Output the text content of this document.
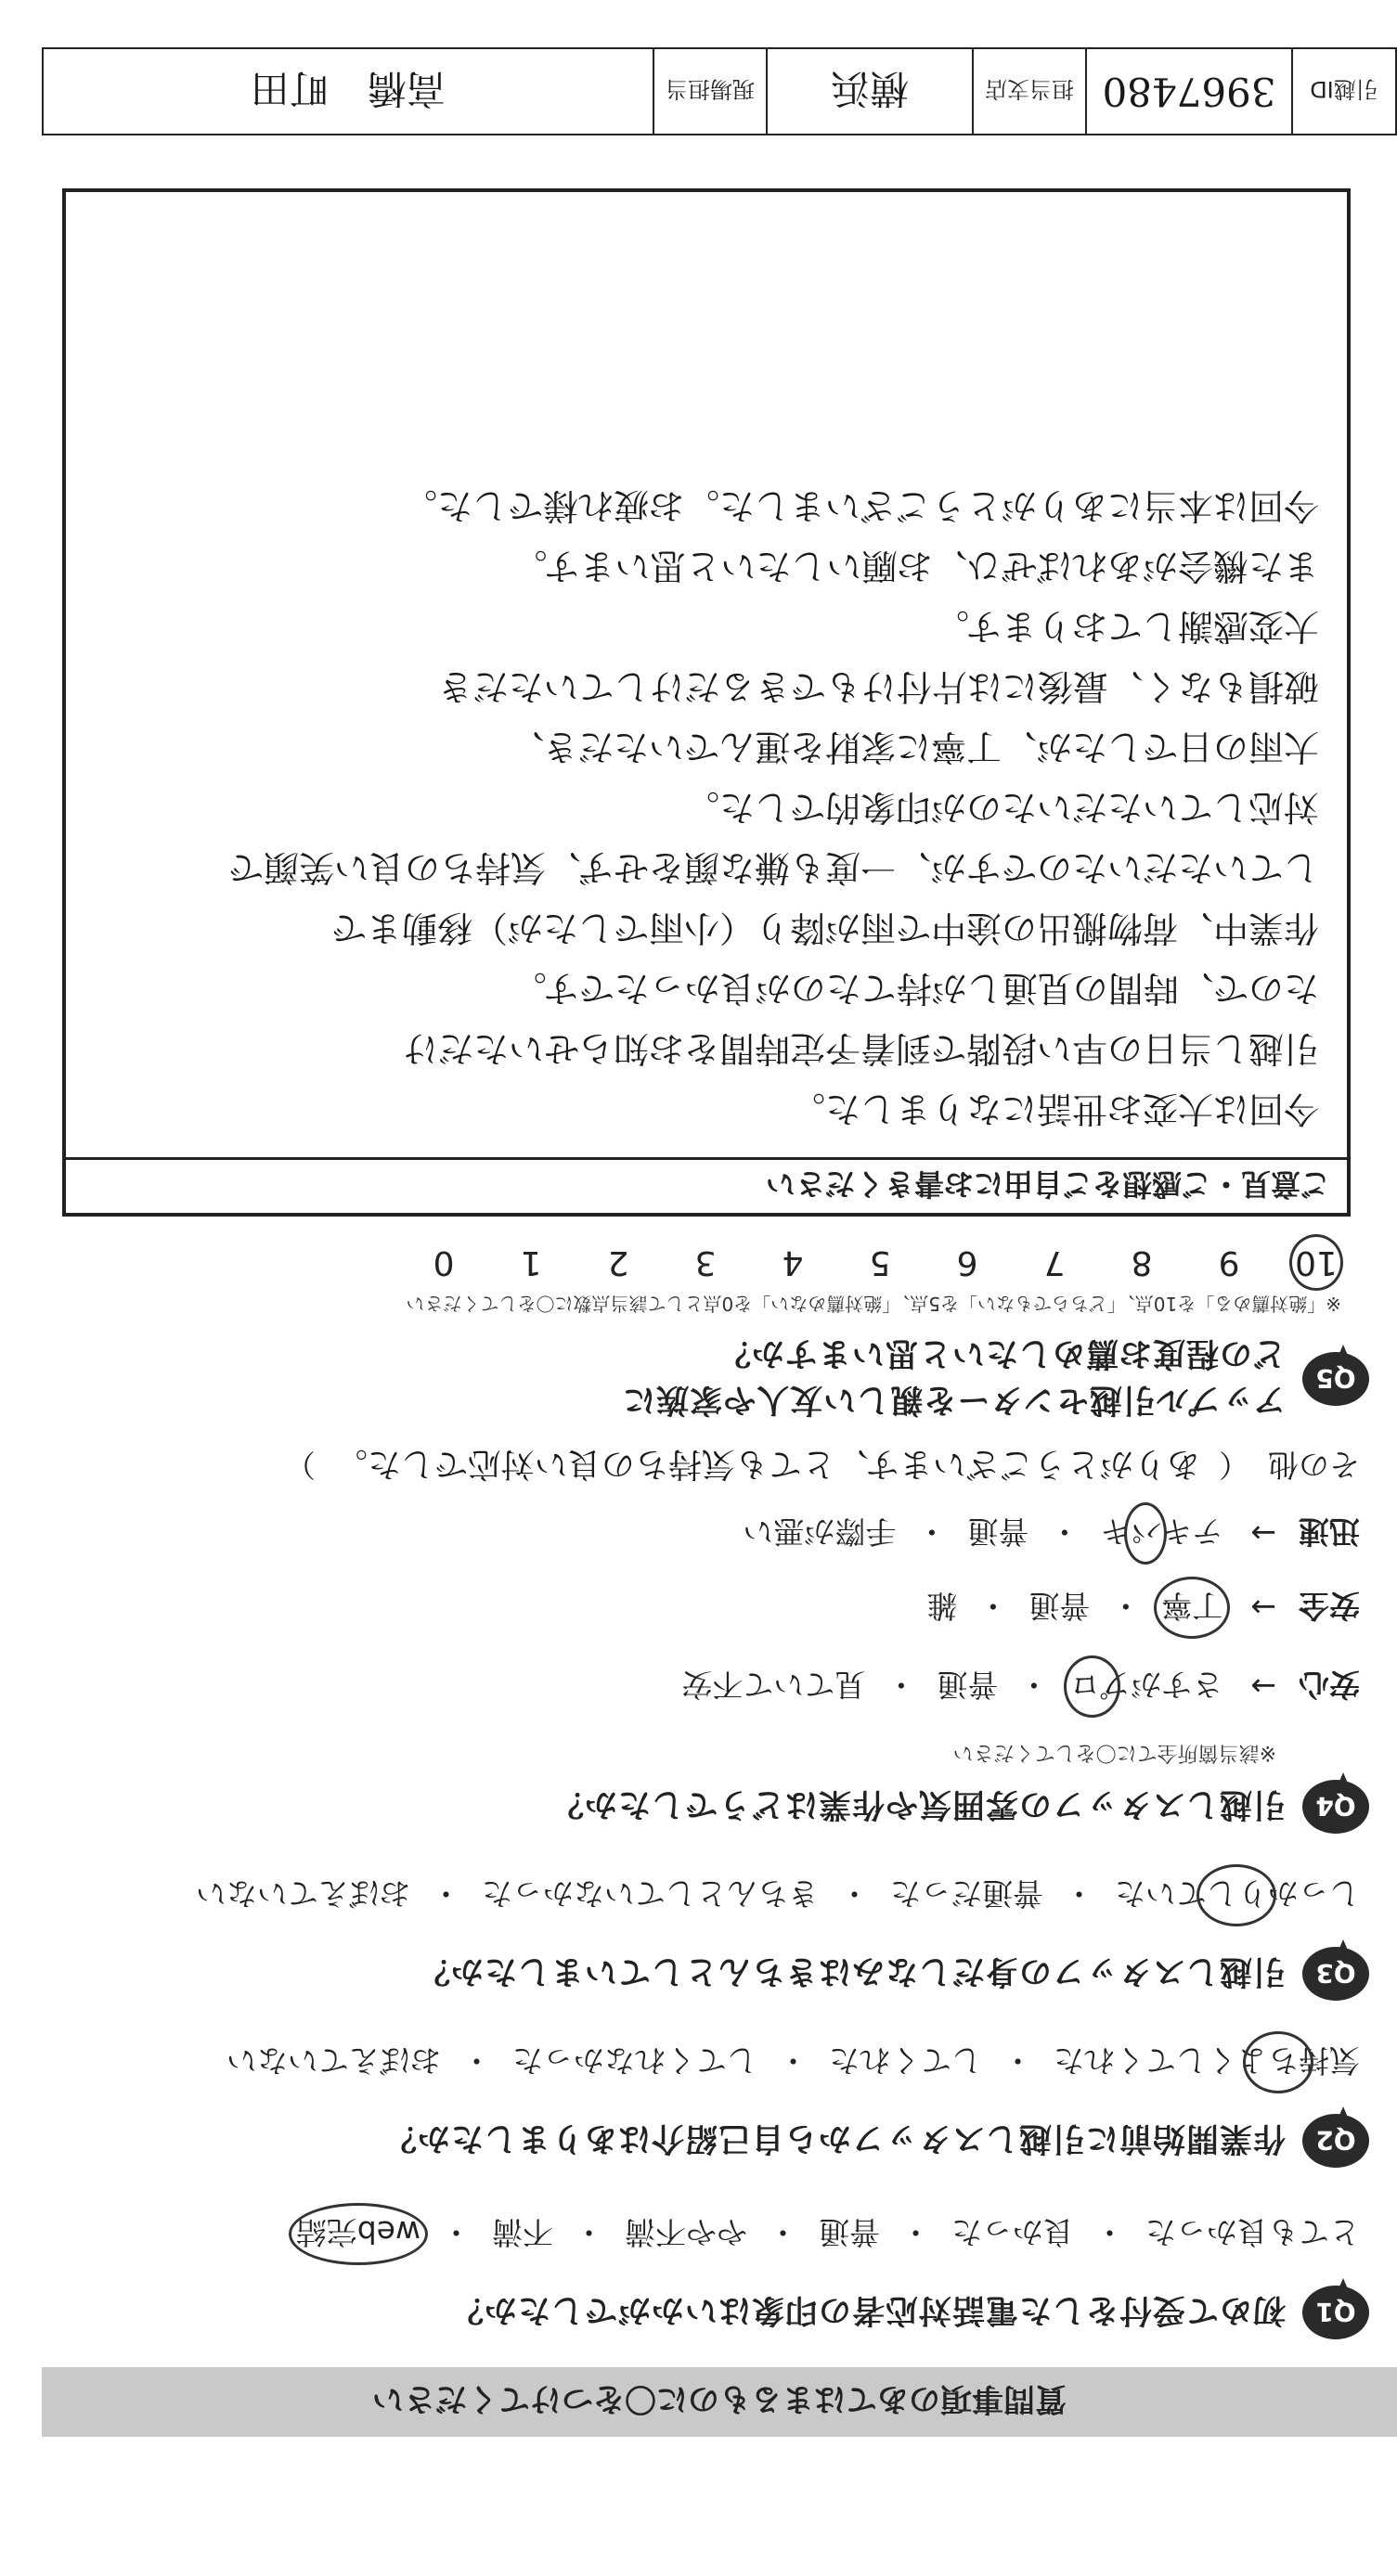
質問事項のあてはまるものに〇をつけてください
Q1
初めて受付をした電話対応者の印象はいかがでしたか？
とても良かった
・
良かった
・
普通
・
やや不満
・
不満
・
web完結
Q2
作業開始前に引越しスタッフから自己紹介はありましたか？
気持ちよくしてくれた
・
してくれた
・
してくれなかった
・
おぼえていない
Q3
引越しスタッフの身だしなみはきちんとしていましたか？
しっかりしていた
・
普通だった
・
きちんとしていなかった
・
おぼえていない
Q4
引越しスタッフの雰囲気や作業はどうでしたか？
※該当箇所全てに〇をしてください
安心
→
さすがプロ
・
普通
・
見ていて不安
安全
→
丁寧
・
普通
・
雑
迅速
→
テキパキ
・
普通
・
手際が悪い
その他
（
ありがとうございます、とても気持ちの良い対応でした。
）
Q5
アップル引越センターを親しい友人や家族に
どの程度お薦めしたいと思いますか？
※「絶対薦める」を10点、「どちらでもない」を5点、「絶対薦めない」を0点として該当点数に〇をしてください
10
9
8
7
6
5
4
3
2
1
0
ご意見・ご感想をご自由にお書きください
今回は大変お世話になりました。
引越し当日の早い段階で到着予定時間をお知らせいただけ
たので、時間の見通しが持てたのが良かったです。
作業中、荷物搬出の途中で雨が降り（小雨でしたが）移動まで
していただいたのですが、一度も嫌な顔をせず、気持ちの良い笑顔で
対応していただいたのが印象的でした。
大雨の日でしたが、丁寧に家財を運んでいただき、
破損もなく、最後には片付けもできるだけしていただき
大変感謝しております。
また機会があればぜひ、お願いしたいと思います。
今回は本当にありがとうございました。お疲れ様でした。
引越ID
3967480
担当支店
横浜
現場担当
高橋　町田
